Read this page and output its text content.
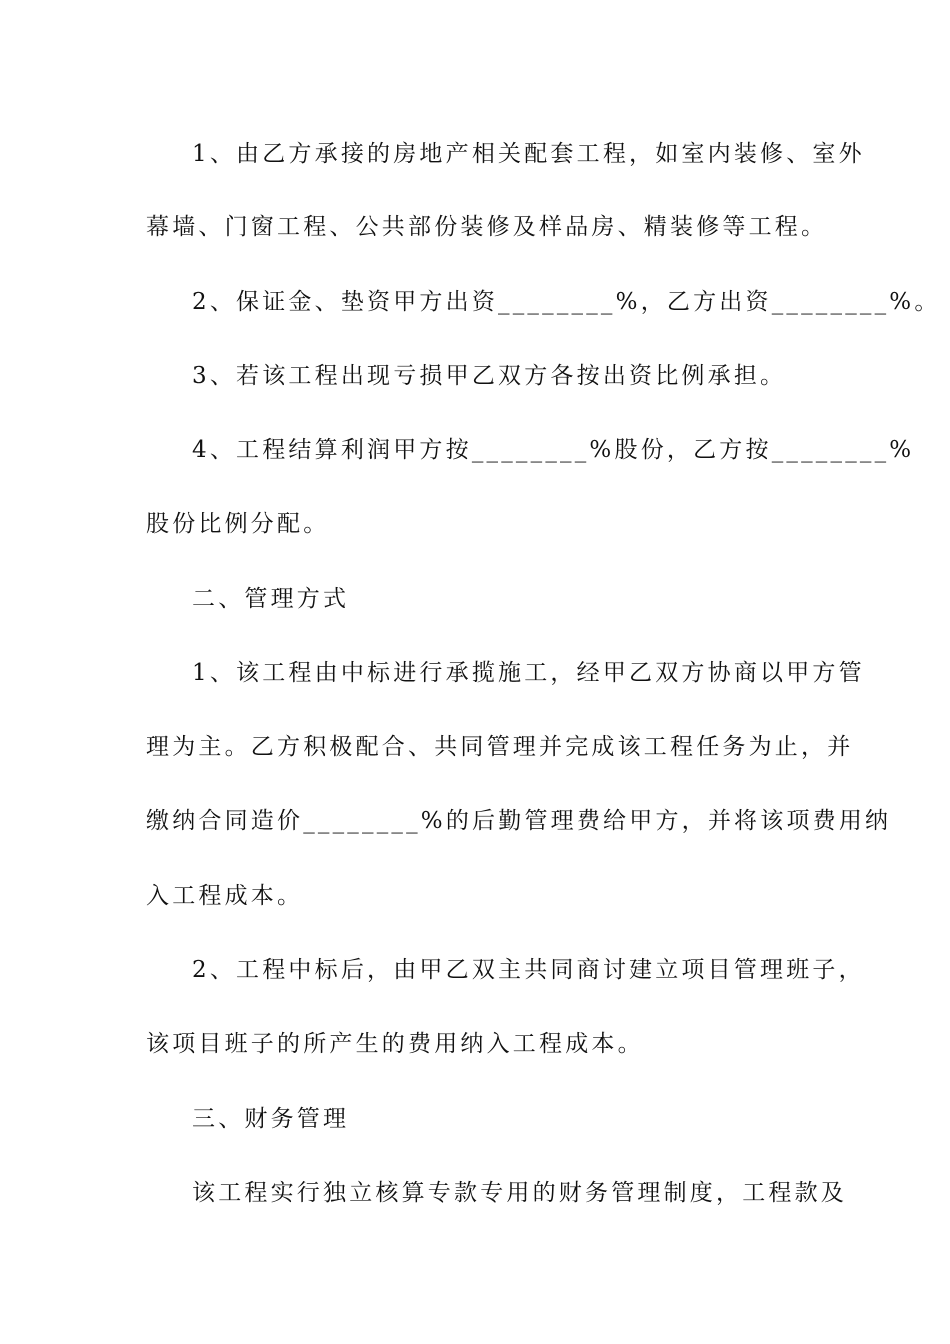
1、由乙方承接的房地产相关配套工程，如室内装修、室外
幕墙、门窗工程、公共部份装修及样品房、精装修等工程。
2、保证金、垫资甲方出资________%，乙方出资________%。
3、若该工程出现亏损甲乙双方各按出资比例承担。
4、工程结算利润甲方按________%股份，乙方按________%
股份比例分配。
二、管理方式
1、该工程由中标进行承揽施工，经甲乙双方协商以甲方管
理为主。乙方积极配合、共同管理并完成该工程任务为止，并
缴纳合同造价________%的后勤管理费给甲方，并将该项费用纳
入工程成本。
2、工程中标后，由甲乙双主共同商讨建立项目管理班子，
该项目班子的所产生的费用纳入工程成本。
三、财务管理
该工程实行独立核算专款专用的财务管理制度，工程款及
